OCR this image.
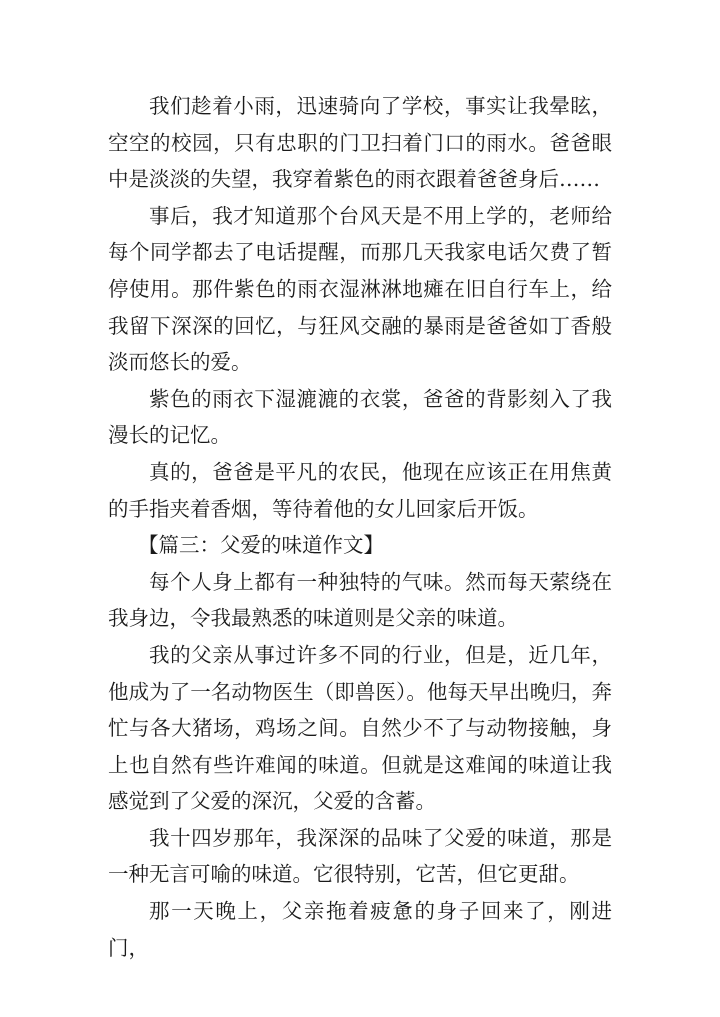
我们趁着小雨，迅速骑向了学校，事实让我晕眩，空空的校园，只有忠职的门卫扫着门口的雨水。爸爸眼中是淡淡的失望，我穿着紫色的雨衣跟着爸爸身后……

事后，我才知道那个台风天是不用上学的，老师给每个同学都去了电话提醒，而那几天我家电话欠费了暂停使用。那件紫色的雨衣湿淋淋地瘫在旧自行车上，给我留下深深的回忆，与狂风交融的暴雨是爸爸如丁香般淡而悠长的爱。

紫色的雨衣下湿漉漉的衣裳，爸爸的背影刻入了我漫长的记忆。

真的，爸爸是平凡的农民，他现在应该正在用焦黄的手指夹着香烟，等待着他的女儿回家后开饭。

【篇三：父爱的味道作文】

每个人身上都有一种独特的气味。然而每天萦绕在我身边，令我最熟悉的味道则是父亲的味道。

我的父亲从事过许多不同的行业，但是，近几年，他成为了一名动物医生（即兽医）。他每天早出晚归，奔忙与各大猪场，鸡场之间。自然少不了与动物接触，身上也自然有些许难闻的味道。但就是这难闻的味道让我感觉到了父爱的深沉，父爱的含蓄。

我十四岁那年，我深深的品味了父爱的味道，那是一种无言可喻的味道。它很特别，它苦，但它更甜。

那一天晚上，父亲拖着疲惫的身子回来了，刚进门，
